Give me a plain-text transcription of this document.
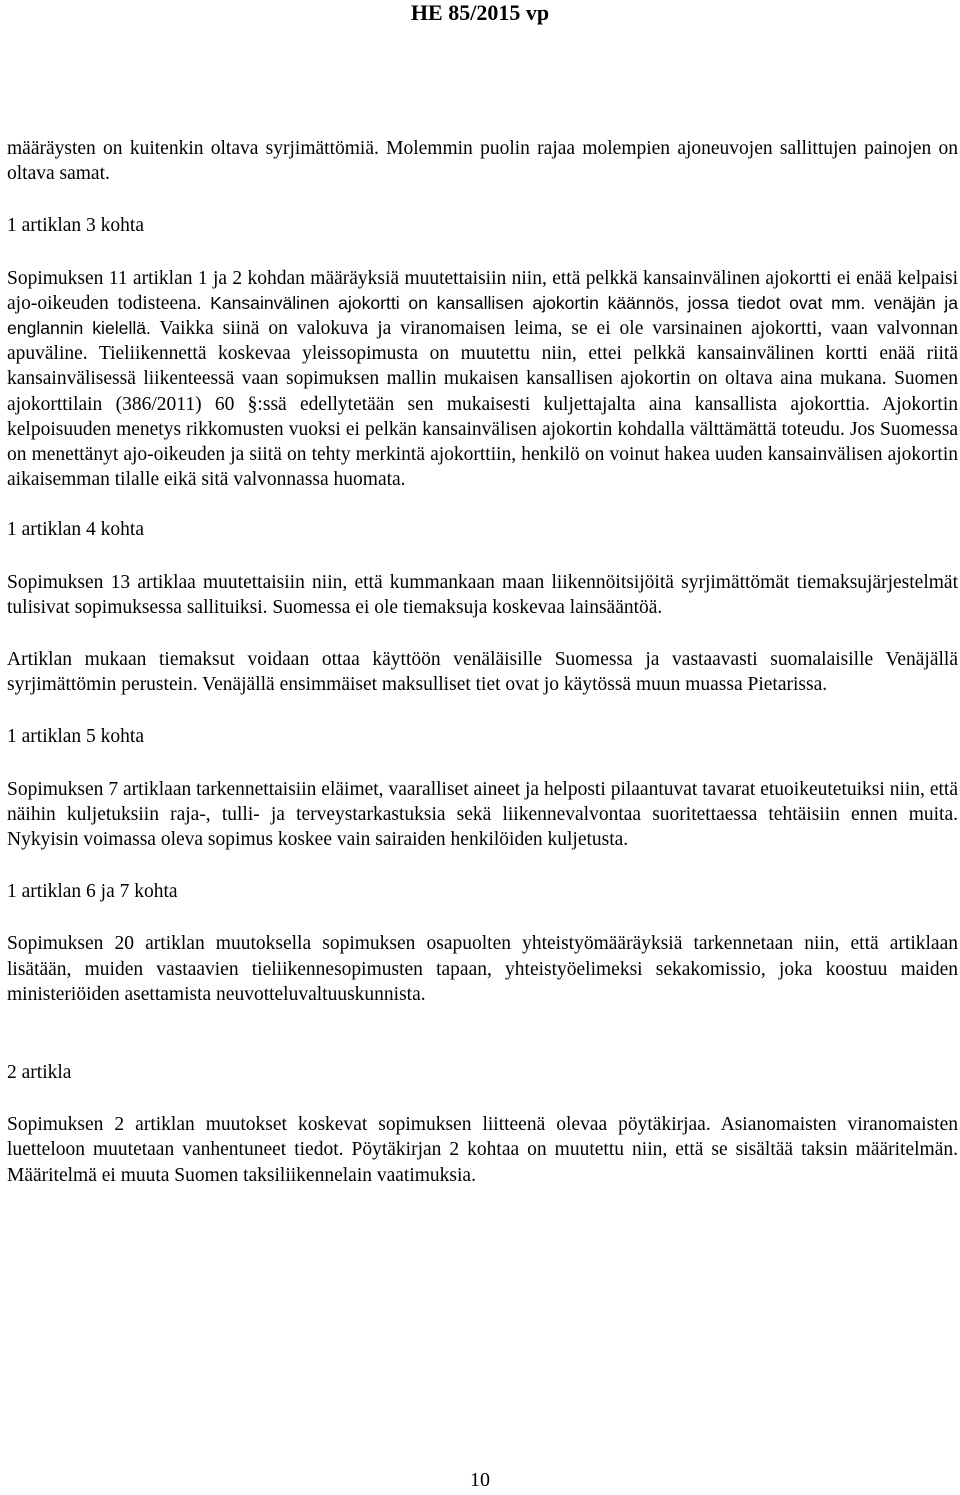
HE 85/2015 vp

määräysten on kuitenkin oltava syrjimättömiä. Molemmin puolin rajaa molempien ajoneuvojen sallittujen painojen on oltava samat.

1 artiklan 3 kohta

Sopimuksen 11 artiklan 1 ja 2 kohdan määräyksiä muutettaisiin niin, että pelkkä kansainvälinen ajokortti ei enää kelpaisi ajo-oikeuden todisteena. Kansainvälinen ajokortti on kansallisen ajokortin käännös, jossa tiedot ovat mm. venäjän ja englannin kielellä. Vaikka siinä on valokuva ja viranomaisen leima, se ei ole varsinainen ajokortti, vaan valvonnan apuväline. Tieliikennettä koskevaa yleissopimusta on muutettu niin, ettei pelkkä kansainvälinen kortti enää riitä kansainvälisessä liikenteessä vaan sopimuksen mallin mukaisen kansallisen ajokortin on oltava aina mukana. Suomen ajokorttilain (386/2011) 60 §:ssä edellytetään sen mukaisesti kuljettajalta aina kansallista ajokorttia. Ajokortin kelpoisuuden menetys rikkomusten vuoksi ei pelkän kansainvälisen ajokortin kohdalla välttämättä toteudu. Jos Suomessa on menettänyt ajo-oikeuden ja siitä on tehty merkintä ajokorttiin, henkilö on voinut hakea uuden kansainvälisen ajokortin aikaisemman tilalle eikä sitä valvonnassa huomata.

1 artiklan 4 kohta

Sopimuksen 13 artiklaa muutettaisiin niin, että kummankaan maan liikennöitsijöitä syrjimättömät tiemaksujärjestelmät tulisivat sopimuksessa sallituiksi. Suomessa ei ole tiemaksuja koskevaa lainsääntöä.

Artiklan mukaan tiemaksut voidaan ottaa käyttöön venäläisille Suomessa ja vastaavasti suomalaisille Venäjällä syrjimättömin perustein. Venäjällä ensimmäiset maksulliset tiet ovat jo käytössä muun muassa Pietarissa.

1 artiklan 5 kohta

Sopimuksen 7 artiklaan tarkennettaisiin eläimet, vaaralliset aineet ja helposti pilaantuvat tavarat etuoikeutetuiksi niin, että näihin kuljetuksiin raja-, tulli- ja terveystarkastuksia sekä liikennevalvontaa suoritettaessa tehtäisiin ennen muita. Nykyisin voimassa oleva sopimus koskee vain sairaiden henkilöiden kuljetusta.

1 artiklan 6 ja 7 kohta

Sopimuksen 20 artiklan muutoksella sopimuksen osapuolten yhteistyömääräyksiä tarkennetaan niin, että artiklaan lisätään, muiden vastaavien tieliikennesopimusten tapaan, yhteistyöelimeksi sekakomissio, joka koostuu maiden ministeriöiden asettamista neuvotteluvaltuuskunnista.

2 artikla

Sopimuksen 2 artiklan muutokset koskevat sopimuksen liitteenä olevaa pöytäkirjaa. Asianomaisten viranomaisten luetteloon muutetaan vanhentuneet tiedot. Pöytäkirjan 2 kohtaa on muutettu niin, että se sisältää taksin määritelmän. Määritelmä ei muuta Suomen taksiliikennelain vaatimuksia.

10
